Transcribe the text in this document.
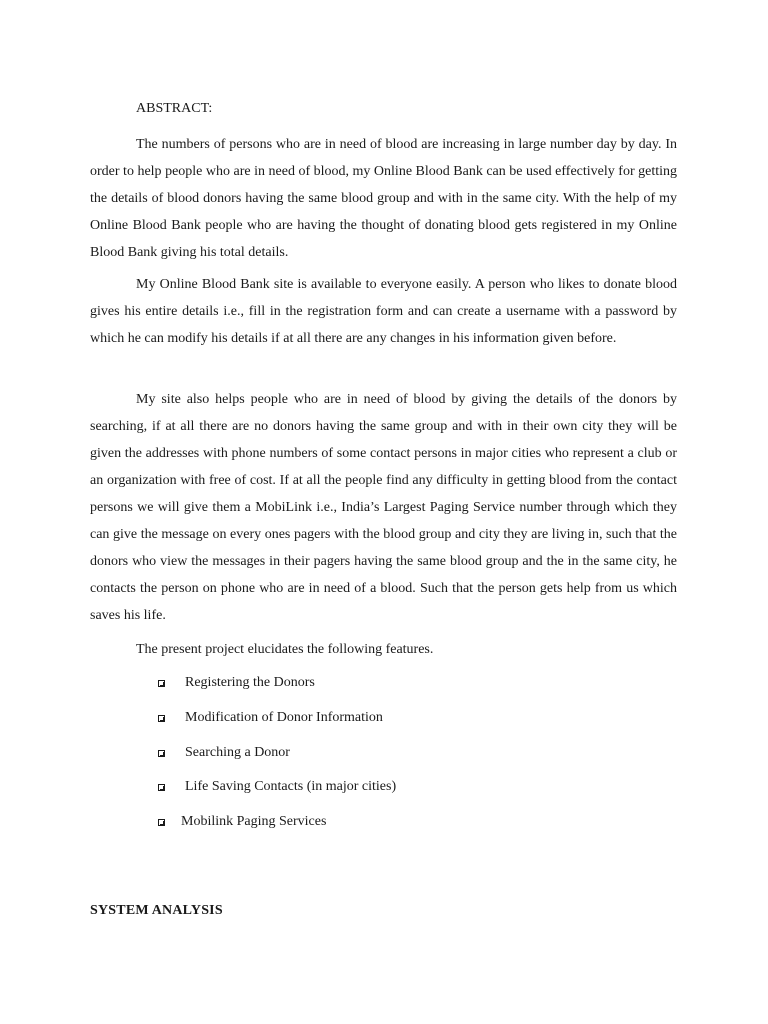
ABSTRACT:

The numbers of persons who are in need of blood are increasing in large number day by day. In order to help people who are in need of blood, my Online Blood Bank can be used effectively for getting the details of blood donors having the same blood group and with in the same city. With the help of my Online Blood Bank people who are having the thought of donating blood gets registered in my Online Blood Bank giving his total details.

My Online Blood Bank site is available to everyone easily. A person who likes to donate blood gives his entire details i.e., fill in the registration form and can create a username with a password by which he can modify his details if at all there are any changes in his information given before.

My site also helps people who are in need of blood by giving the details of the donors by searching, if at all there are no donors having the same group and with in their own city they will be given the addresses with phone numbers of some contact persons in major cities who represent a club or an organization with free of cost. If at all the people find any difficulty in getting blood from the contact persons we will give them a MobiLink i.e., India’s Largest Paging Service number through which they can give the message on every ones pagers with the blood group and city they are living in, such that the donors who view the messages in their pagers having the same blood group and the in the same city, he contacts the person on phone who are in need of a blood. Such that the person gets help from us which saves his life.

The present project elucidates the following features.

Registering the Donors
Modification of Donor Information
Searching a Donor
Life Saving Contacts (in major cities)
Mobilink Paging Services

SYSTEM ANALYSIS
